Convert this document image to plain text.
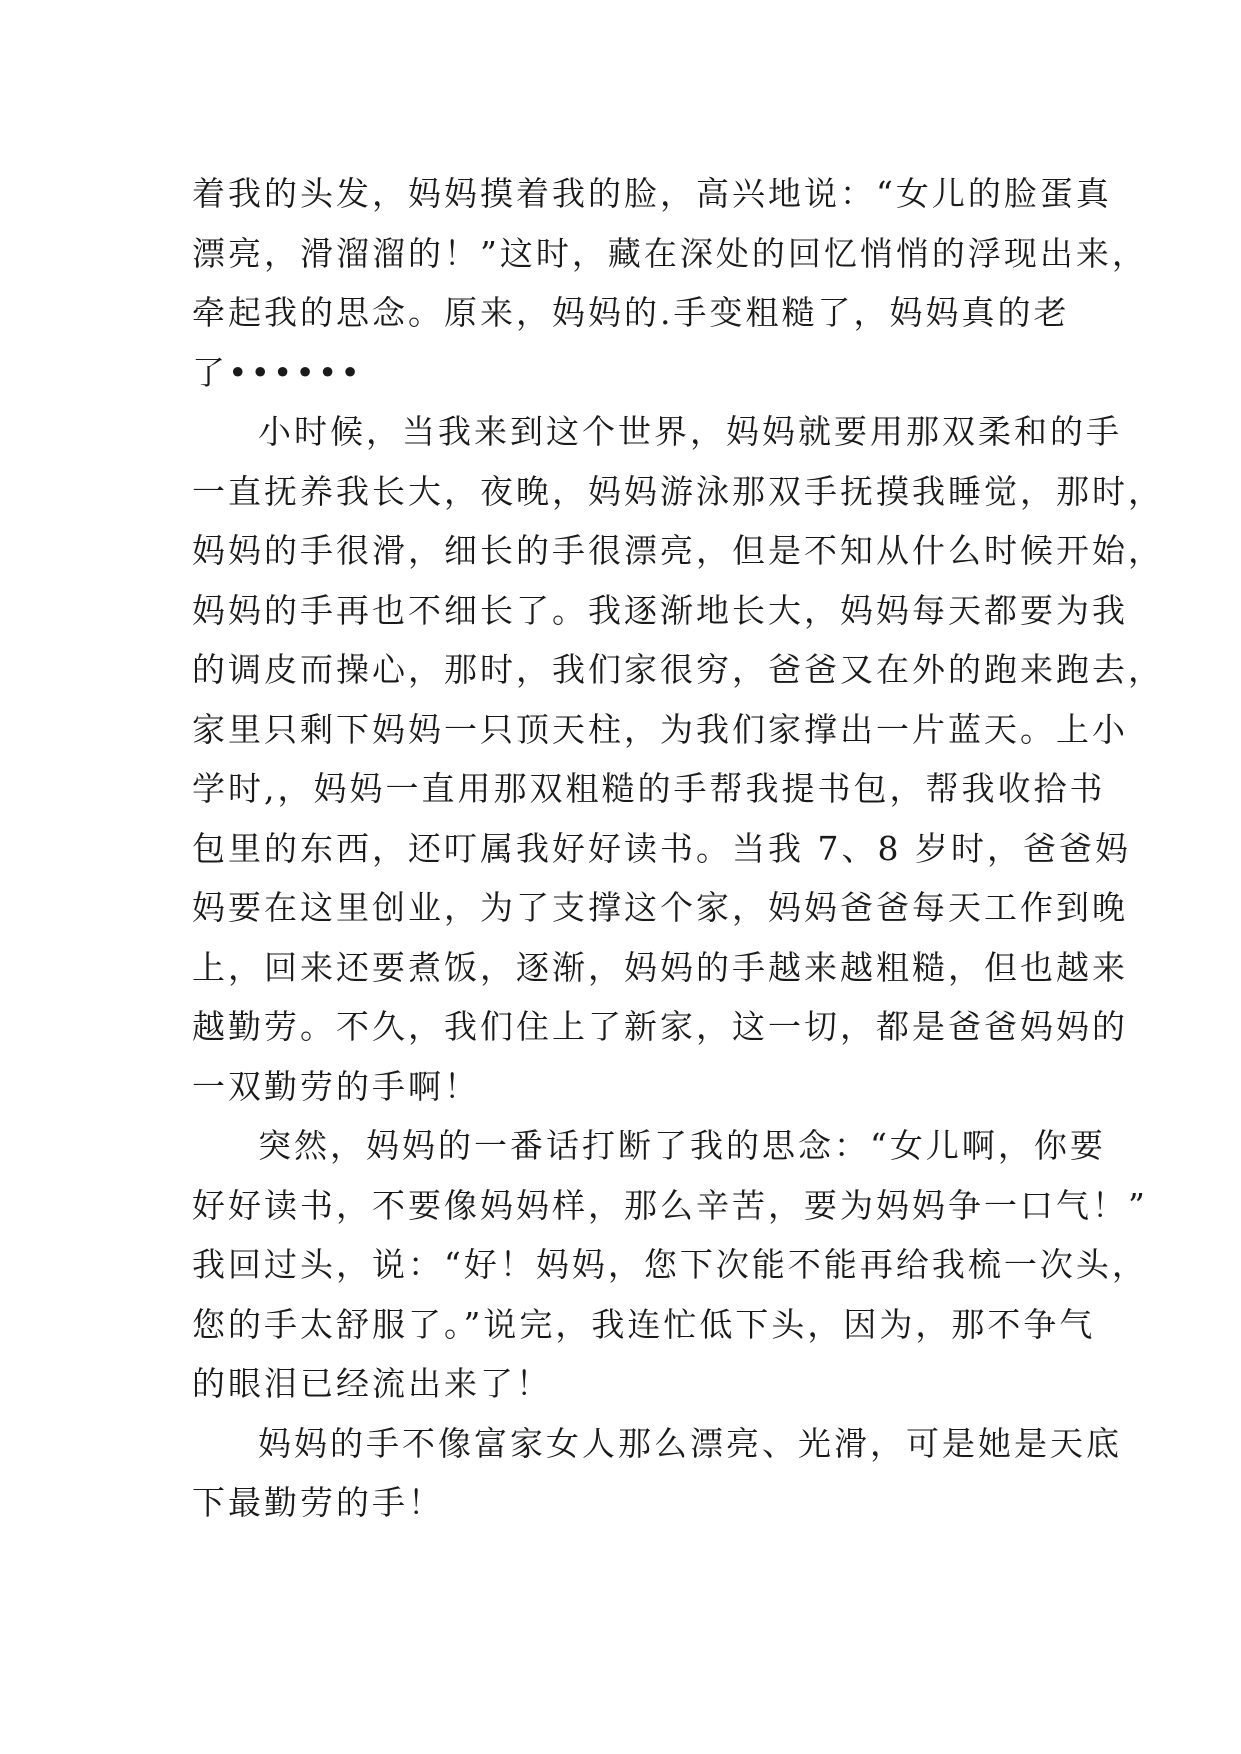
着我的头发，妈妈摸着我的脸，高兴地说：“女儿的脸蛋真
漂亮，滑溜溜的！”这时，藏在深处的回忆悄悄的浮现出来，
牵起我的思念。原来，妈妈的.手变粗糙了，妈妈真的老
了••••••
小时候，当我来到这个世界，妈妈就要用那双柔和的手
一直抚养我长大，夜晚，妈妈游泳那双手抚摸我睡觉，那时，
妈妈的手很滑，细长的手很漂亮，但是不知从什么时候开始，
妈妈的手再也不细长了。我逐渐地长大，妈妈每天都要为我
的调皮而操心，那时，我们家很穷，爸爸又在外的跑来跑去，
家里只剩下妈妈一只顶天柱，为我们家撑出一片蓝天。上小
学时,，妈妈一直用那双粗糙的手帮我提书包，帮我收拾书
包里的东西，还叮属我好好读书。当我 7、8 岁时，爸爸妈
妈要在这里创业，为了支撑这个家，妈妈爸爸每天工作到晚
上，回来还要煮饭，逐渐，妈妈的手越来越粗糙，但也越来
越勤劳。不久，我们住上了新家，这一切，都是爸爸妈妈的
一双勤劳的手啊！
突然，妈妈的一番话打断了我的思念：“女儿啊，你要
好好读书，不要像妈妈样，那么辛苦，要为妈妈争一口气！”
我回过头，说：“好！妈妈，您下次能不能再给我梳一次头，
您的手太舒服了。”说完，我连忙低下头，因为，那不争气
的眼泪已经流出来了！
妈妈的手不像富家女人那么漂亮、光滑，可是她是天底
下最勤劳的手！
